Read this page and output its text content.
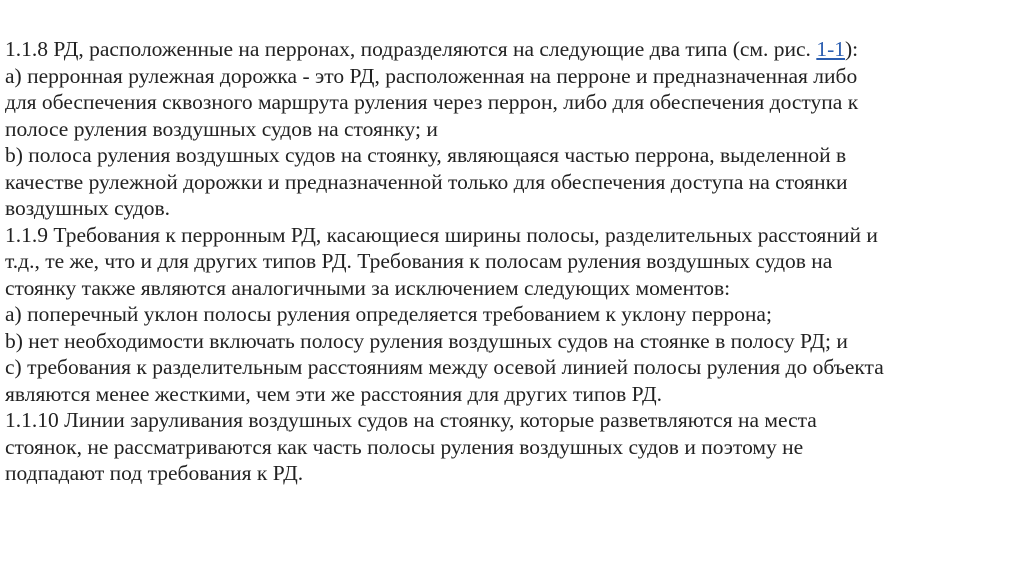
1.1.8 РД, расположенные на перронах, подразделяются на следующие два типа (см. рис. 1-1):
а) перронная рулежная дорожка - это РД, расположенная на перроне и предназначенная либо
для обеспечения сквозного маршрута руления через перрон, либо для обеспечения доступа к
полосе руления воздушных судов на стоянку; и
b) полоса руления воздушных судов на стоянку, являющаяся частью перрона, выделенной в
качестве рулежной дорожки и предназначенной только для обеспечения доступа на стоянки
воздушных судов.
1.1.9 Требования к перронным РД, касающиеся ширины полосы, разделительных расстояний и
т.д., те же, что и для других типов РД. Требования к полосам руления воздушных судов на
стоянку также являются аналогичными за исключением следующих моментов:
а) поперечный уклон полосы руления определяется требованием к уклону перрона;
b) нет необходимости включать полосу руления воздушных судов на стоянке в полосу РД; и
с) требования к разделительным расстояниям между осевой линией полосы руления до объекта
являются менее жесткими, чем эти же расстояния для других типов РД.
1.1.10 Линии заруливания воздушных судов на стоянку, которые разветвляются на места
стоянок, не рассматриваются как часть полосы руления воздушных судов и поэтому не
подпадают под требования к РД.
